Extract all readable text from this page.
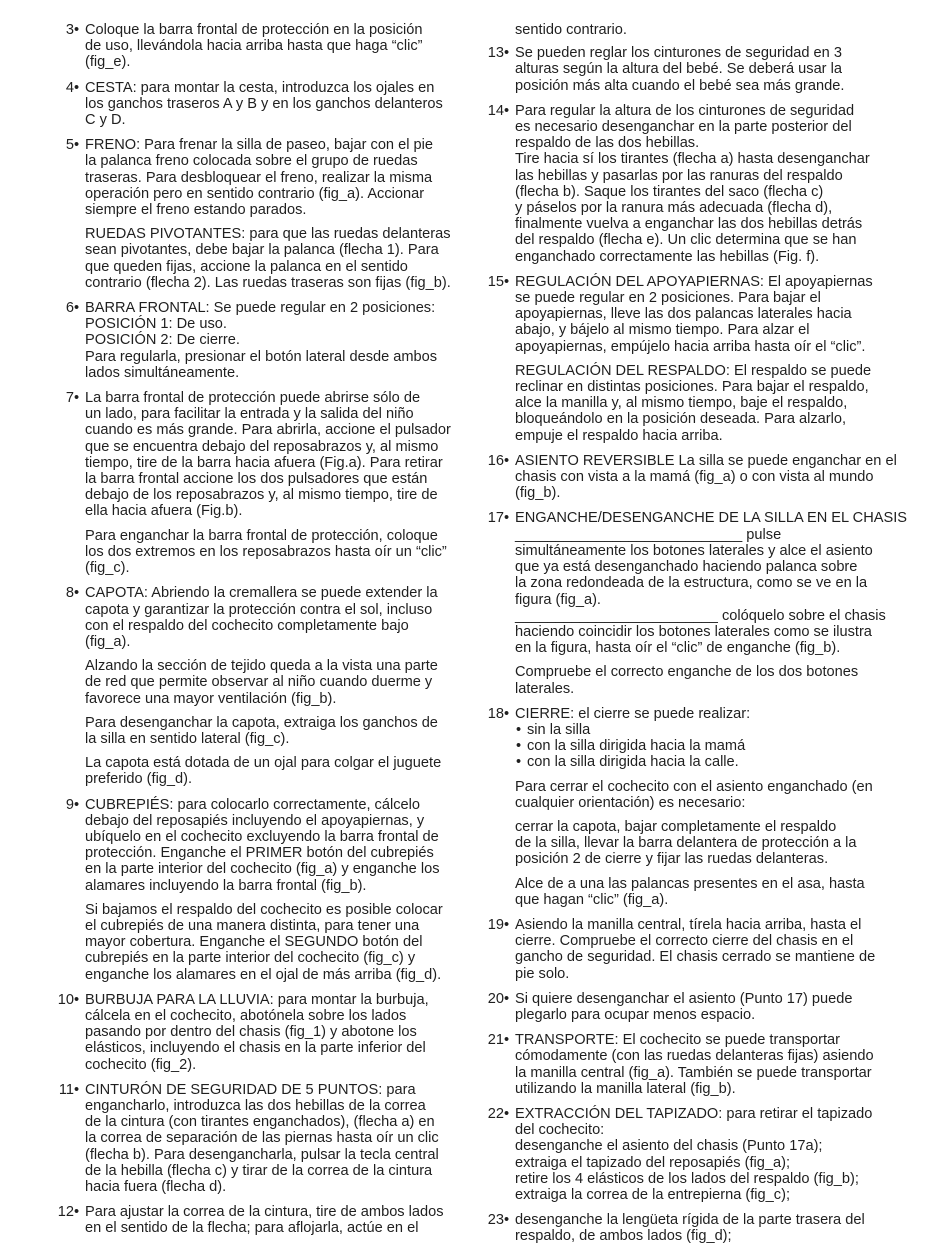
3• Coloque la barra frontal de protección en la posición
de uso, llevándola hacia arriba hasta que haga “clic”
(fig_e).
4• CESTA: para montar la cesta, introduzca los ojales en
los ganchos traseros A y B y en los ganchos delanteros
C y D.
5• FRENO: Para frenar la silla de paseo, bajar con el pie
la palanca freno colocada sobre el grupo de ruedas
traseras. Para desbloquear el freno, realizar la misma
operación pero en sentido contrario (fig_a). Accionar
siempre el freno estando parados.
RUEDAS PIVOTANTES: para que las ruedas delanteras
sean pivotantes, debe bajar la palanca (flecha 1). Para
que queden fijas, accione la palanca en el sentido
contrario (flecha 2). Las ruedas traseras son fijas (fig_b).
6• BARRA FRONTAL: Se puede regular en 2 posiciones:
POSICIÓN 1: De uso.
POSICIÓN 2: De cierre.
Para regularla, presionar el botón lateral desde ambos
lados simultáneamente.
7• La barra frontal de protección puede abrirse sólo de
un lado, para facilitar la entrada y la salida del niño
cuando es más grande. Para abrirla, accione el pulsador
que se encuentra debajo del reposabrazos y, al mismo
tiempo, tire de la barra hacia afuera (Fig.a). Para retirar
la barra frontal accione los dos pulsadores que están
debajo de los reposabrazos y, al mismo tiempo, tire de
ella hacia afuera (Fig.b).
Para enganchar la barra frontal de protección, coloque
los dos extremos en los reposabrazos hasta oír un “clic”
(fig_c).
8• CAPOTA: Abriendo la cremallera se puede extender la
capota y garantizar la protección contra el sol, incluso
con el respaldo del cochecito completamente bajo
(fig_a).
Alzando la sección de tejido queda a la vista una parte
de red que permite observar al niño cuando duerme y
favorece una mayor ventilación (fig_b).
Para desenganchar la capota, extraiga los ganchos de
la silla en sentido lateral (fig_c).
La capota está dotada de un ojal para colgar el juguete
preferido (fig_d).
9• CUBREPIÉS: para colocarlo correctamente, cálcelo
debajo del reposapiés incluyendo el apoyapiernas, y
ubíquelo en el cochecito excluyendo la barra frontal de
protección. Enganche el PRIMER botón del cubrepiés
en la parte interior del cochecito (fig_a) y enganche los
alamares incluyendo la barra frontal (fig_b).
Si bajamos el respaldo del cochecito es posible colocar
el cubrepiés de una manera distinta, para tener una
mayor cobertura. Enganche el SEGUNDO botón del
cubrepiés en la parte interior del cochecito (fig_c) y
enganche los alamares en el ojal de más arriba (fig_d).
10• BURBUJA PARA LA LLUVIA: para montar la burbuja,
cálcela en el cochecito, abotónela sobre los lados
pasando por dentro del chasis (fig_1) y abotone los
elásticos, incluyendo el chasis en la parte inferior del
cochecito (fig_2).
11• CINTURÓN DE SEGURIDAD DE 5 PUNTOS: para
engancharlo, introduzca las dos hebillas de la correa
de la cintura (con tirantes enganchados), (flecha a) en
la correa de separación de las piernas hasta oír un clic
(flecha b). Para desengancharla, pulsar la tecla central
de la hebilla (flecha c) y tirar de la correa de la cintura
hacia fuera (flecha d).
12• Para ajustar la correa de la cintura, tire de ambos lados
en el sentido de la flecha; para aflojarla, actúe en el
sentido contrario.
13• Se pueden reglar los cinturones de seguridad en 3
alturas según la altura del bebé. Se deberá usar la
posición más alta cuando el bebé sea más grande.
14• Para regular la altura de los cinturones de seguridad
es necesario desenganchar en la parte posterior del
respaldo de las dos hebillas.
Tire hacia sí los tirantes (flecha a) hasta desenganchar
las hebillas y pasarlas por las ranuras del respaldo
(flecha b). Saque los tirantes del saco (flecha c)
y páselos por la ranura más adecuada (flecha d),
finalmente vuelva a enganchar las dos hebillas detrás
del respaldo (flecha e). Un clic determina que se han
enganchado correctamente las hebillas (Fig. f).
15• REGULACIÓN DEL APOYAPIERNAS: El apoyapiernas
se puede regular en 2 posiciones. Para bajar el
apoyapiernas, lleve las dos palancas laterales hacia
abajo, y bájelo al mismo tiempo. Para alzar el
apoyapiernas, empújelo hacia arriba hasta oír el “clic”.
REGULACIÓN DEL RESPALDO: El respaldo se puede
reclinar en distintas posiciones. Para bajar el respaldo,
alce la manilla y, al mismo tiempo, baje el respaldo,
bloqueándolo en la posición deseada. Para alzarlo,
empuje el respaldo hacia arriba.
16• ASIENTO REVERSIBLE La silla se puede enganchar en el
chasis con vista a la mamá (fig_a) o con vista al mundo
(fig_b).
17• ENGANCHE/DESENGANCHE DE LA SILLA EN EL CHASIS
____________________________ pulse
simultáneamente los botones laterales y alce el asiento
que ya está desenganchado haciendo palanca sobre
la zona redondeada de la estructura, como se ve en la
figura (fig_a).
_________________________ colóquelo sobre el chasis
haciendo coincidir los botones laterales como se ilustra
en la figura, hasta oír el “clic” de enganche (fig_b).
Compruebe el correcto enganche de los dos botones
laterales.
18• CIERRE: el cierre se puede realizar:
• sin la silla
• con la silla dirigida hacia la mamá
• con la silla dirigida hacia la calle.
Para cerrar el cochecito con el asiento enganchado (en
cualquier orientación) es necesario:
cerrar la capota, bajar completamente el respaldo
de la silla, llevar la barra delantera de protección a la
posición 2 de cierre y fijar las ruedas delanteras.
Alce de a una las palancas presentes en el asa, hasta
que hagan “clic” (fig_a).
19• Asiendo la manilla central, tírela hacia arriba, hasta el
cierre. Compruebe el correcto cierre del chasis en el
gancho de seguridad. El chasis cerrado se mantiene de
pie solo.
20• Si quiere desenganchar el asiento (Punto 17) puede
plegarlo para ocupar menos espacio.
21• TRANSPORTE: El cochecito se puede transportar
cómodamente (con las ruedas delanteras fijas) asiendo
la manilla central (fig_a). También se puede transportar
utilizando la manilla lateral (fig_b).
22• EXTRACCIÓN DEL TAPIZADO: para retirar el tapizado
del cochecito:
desenganche el asiento del chasis (Punto 17a);
extraiga el tapizado del reposapiés (fig_a);
retire los 4 elásticos de los lados del respaldo (fig_b);
extraiga la correa de la entrepierna (fig_c);
23• desenganche la lengüeta rígida de la parte trasera del
respaldo, de ambos lados (fig_d);
